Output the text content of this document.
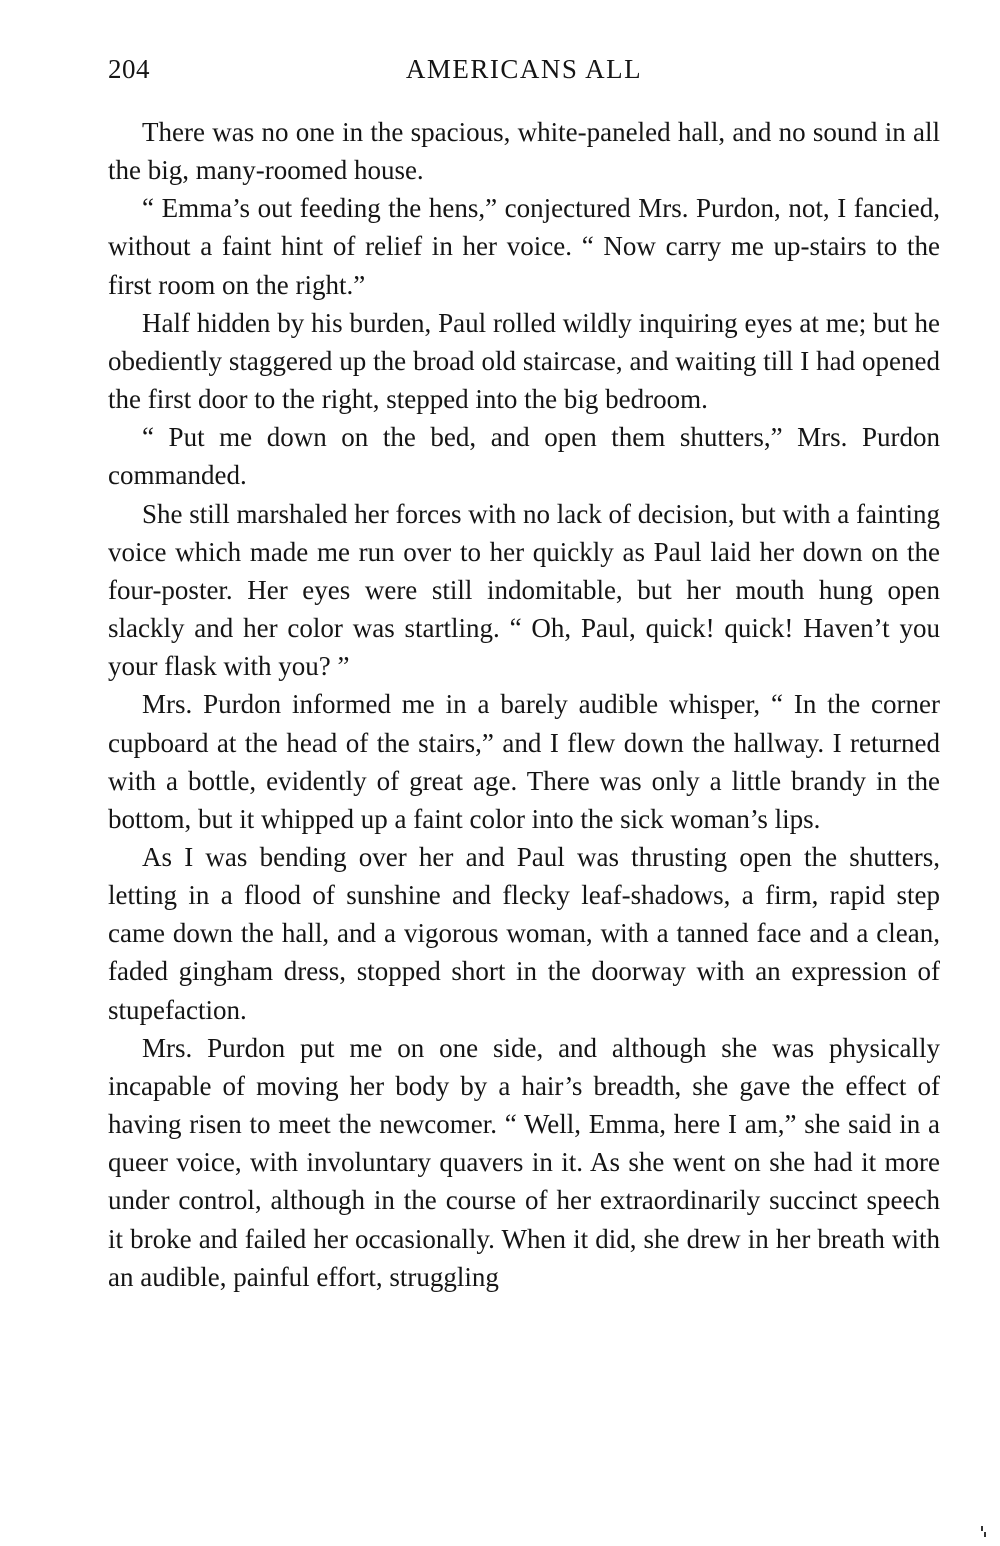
204	AMERICANS ALL

There was no one in the spacious, white-paneled hall, and no sound in all the big, many-roomed house.

“ Emma’s out feeding the hens,” conjectured Mrs. Purdon, not, I fancied, without a faint hint of relief in her voice. “ Now carry me up-stairs to the first room on the right.”

Half hidden by his burden, Paul rolled wildly inquiring eyes at me; but he obediently staggered up the broad old staircase, and waiting till I had opened the first door to the right, stepped into the big bedroom.

“ Put me down on the bed, and open them shutters,” Mrs. Purdon commanded.

She still marshaled her forces with no lack of decision, but with a fainting voice which made me run over to her quickly as Paul laid her down on the four-poster. Her eyes were still indomitable, but her mouth hung open slackly and her color was startling. “ Oh, Paul, quick! quick! Haven’t you your flask with you? ”

Mrs. Purdon informed me in a barely audible whisper, “ In the corner cupboard at the head of the stairs,” and I flew down the hallway. I returned with a bottle, evidently of great age. There was only a little brandy in the bottom, but it whipped up a faint color into the sick woman’s lips.

As I was bending over her and Paul was thrusting open the shutters, letting in a flood of sunshine and flecky leaf-shadows, a firm, rapid step came down the hall, and a vigorous woman, with a tanned face and a clean, faded gingham dress, stopped short in the doorway with an expression of stupefaction.

Mrs. Purdon put me on one side, and although she was physically incapable of moving her body by a hair’s breadth, she gave the effect of having risen to meet the newcomer. “ Well, Emma, here I am,” she said in a queer voice, with involuntary quavers in it. As she went on she had it more under control, although in the course of her extraordinarily succinct speech it broke and failed her occasionally. When it did, she drew in her breath with an audible, painful effort, struggling
